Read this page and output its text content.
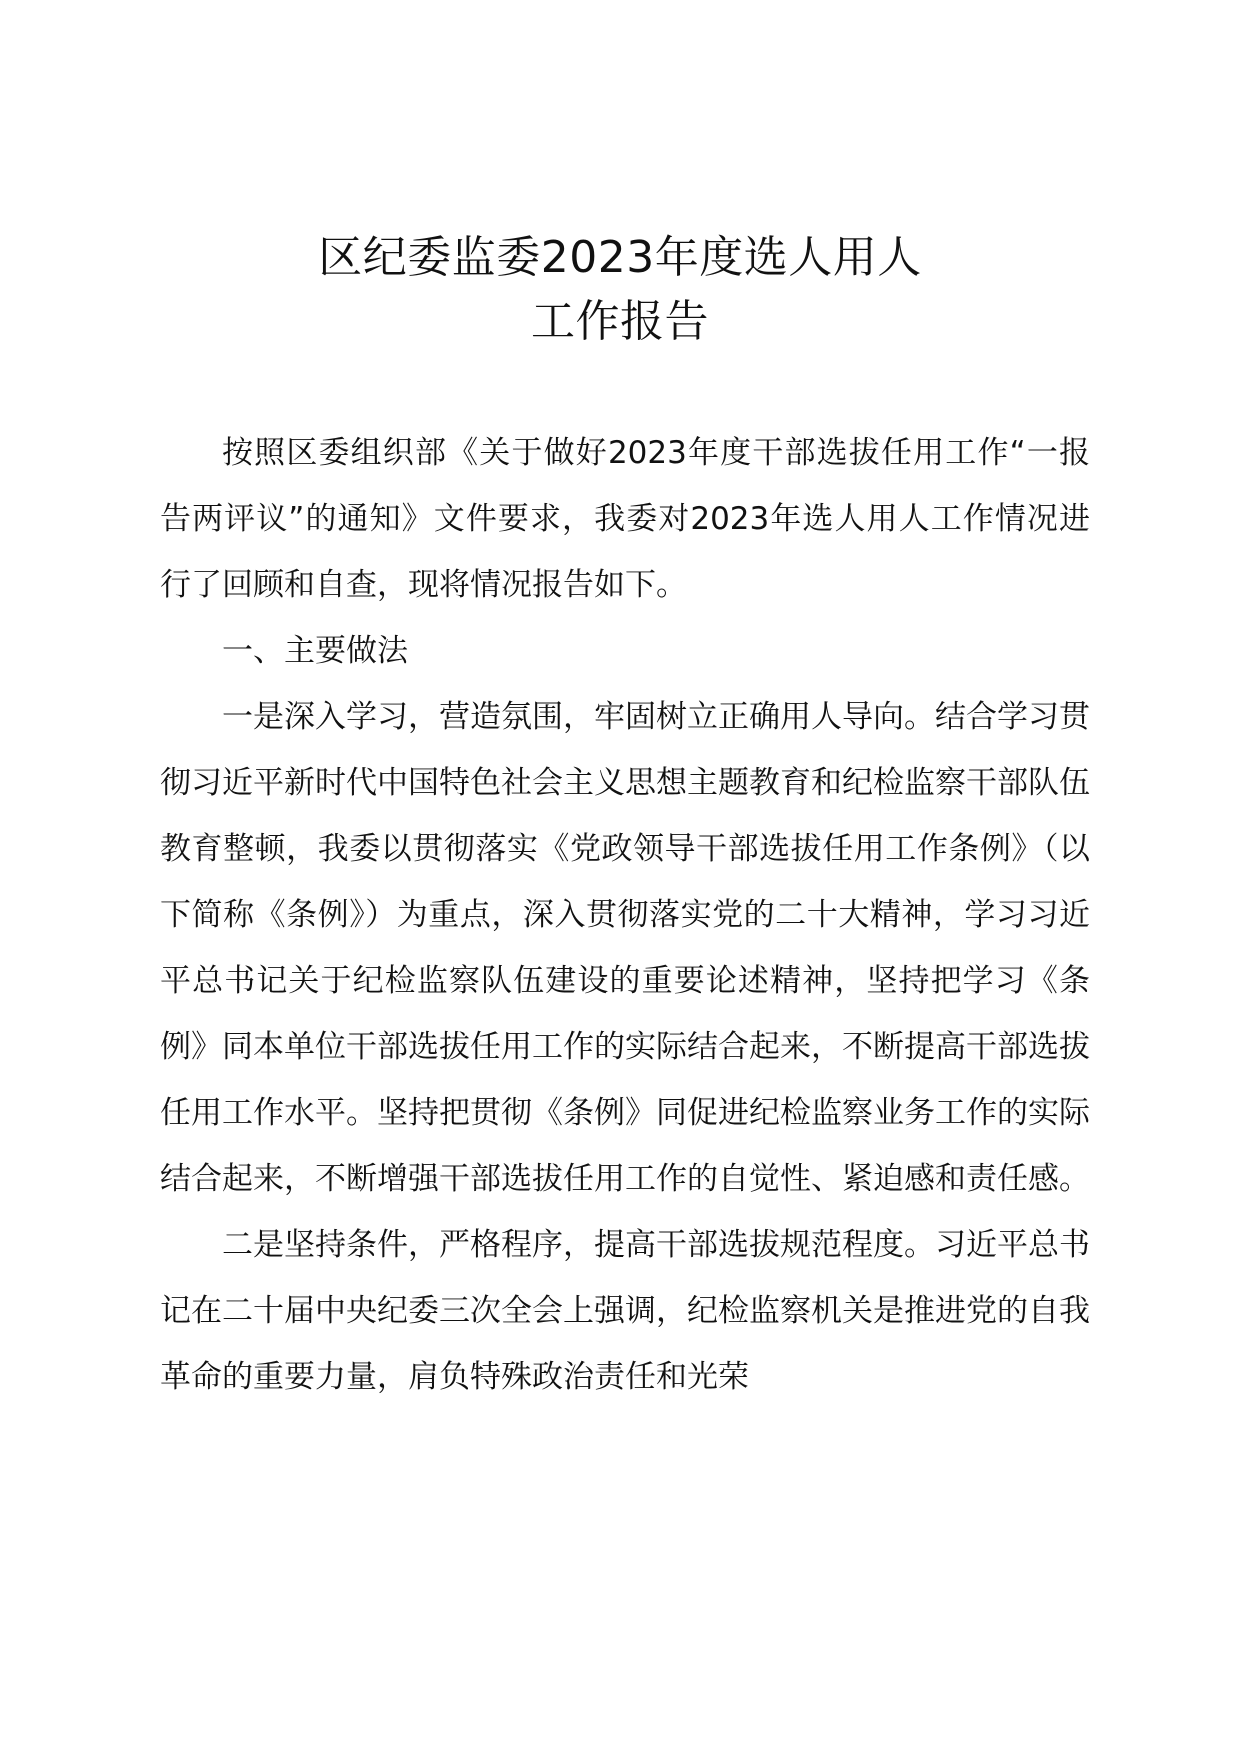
区纪委监委2023年度选人用人
工作报告

按照区委组织部《关于做好2023年度干部选拔任用工作“一报告两评议”的通知》文件要求，我委对2023年选人用人工作情况进行了回顾和自查，现将情况报告如下。

一、主要做法

一是深入学习，营造氛围，牢固树立正确用人导向。结合学习贯彻习近平新时代中国特色社会主义思想主题教育和纪检监察干部队伍教育整顿，我委以贯彻落实《党政领导干部选拔任用工作条例》（以下简称《条例》）为重点，深入贯彻落实党的二十大精神，学习习近平总书记关于纪检监察队伍建设的重要论述精神，坚持把学习《条例》同本单位干部选拔任用工作的实际结合起来，不断提高干部选拔任用工作水平。坚持把贯彻《条例》同促进纪检监察业务工作的实际结合起来，不断增强干部选拔任用工作的自觉性、紧迫感和责任感。

二是坚持条件，严格程序，提高干部选拔规范程度。习近平总书记在二十届中央纪委三次全会上强调，纪检监察机关是推进党的自我革命的重要力量，肩负特殊政治责任和光荣
